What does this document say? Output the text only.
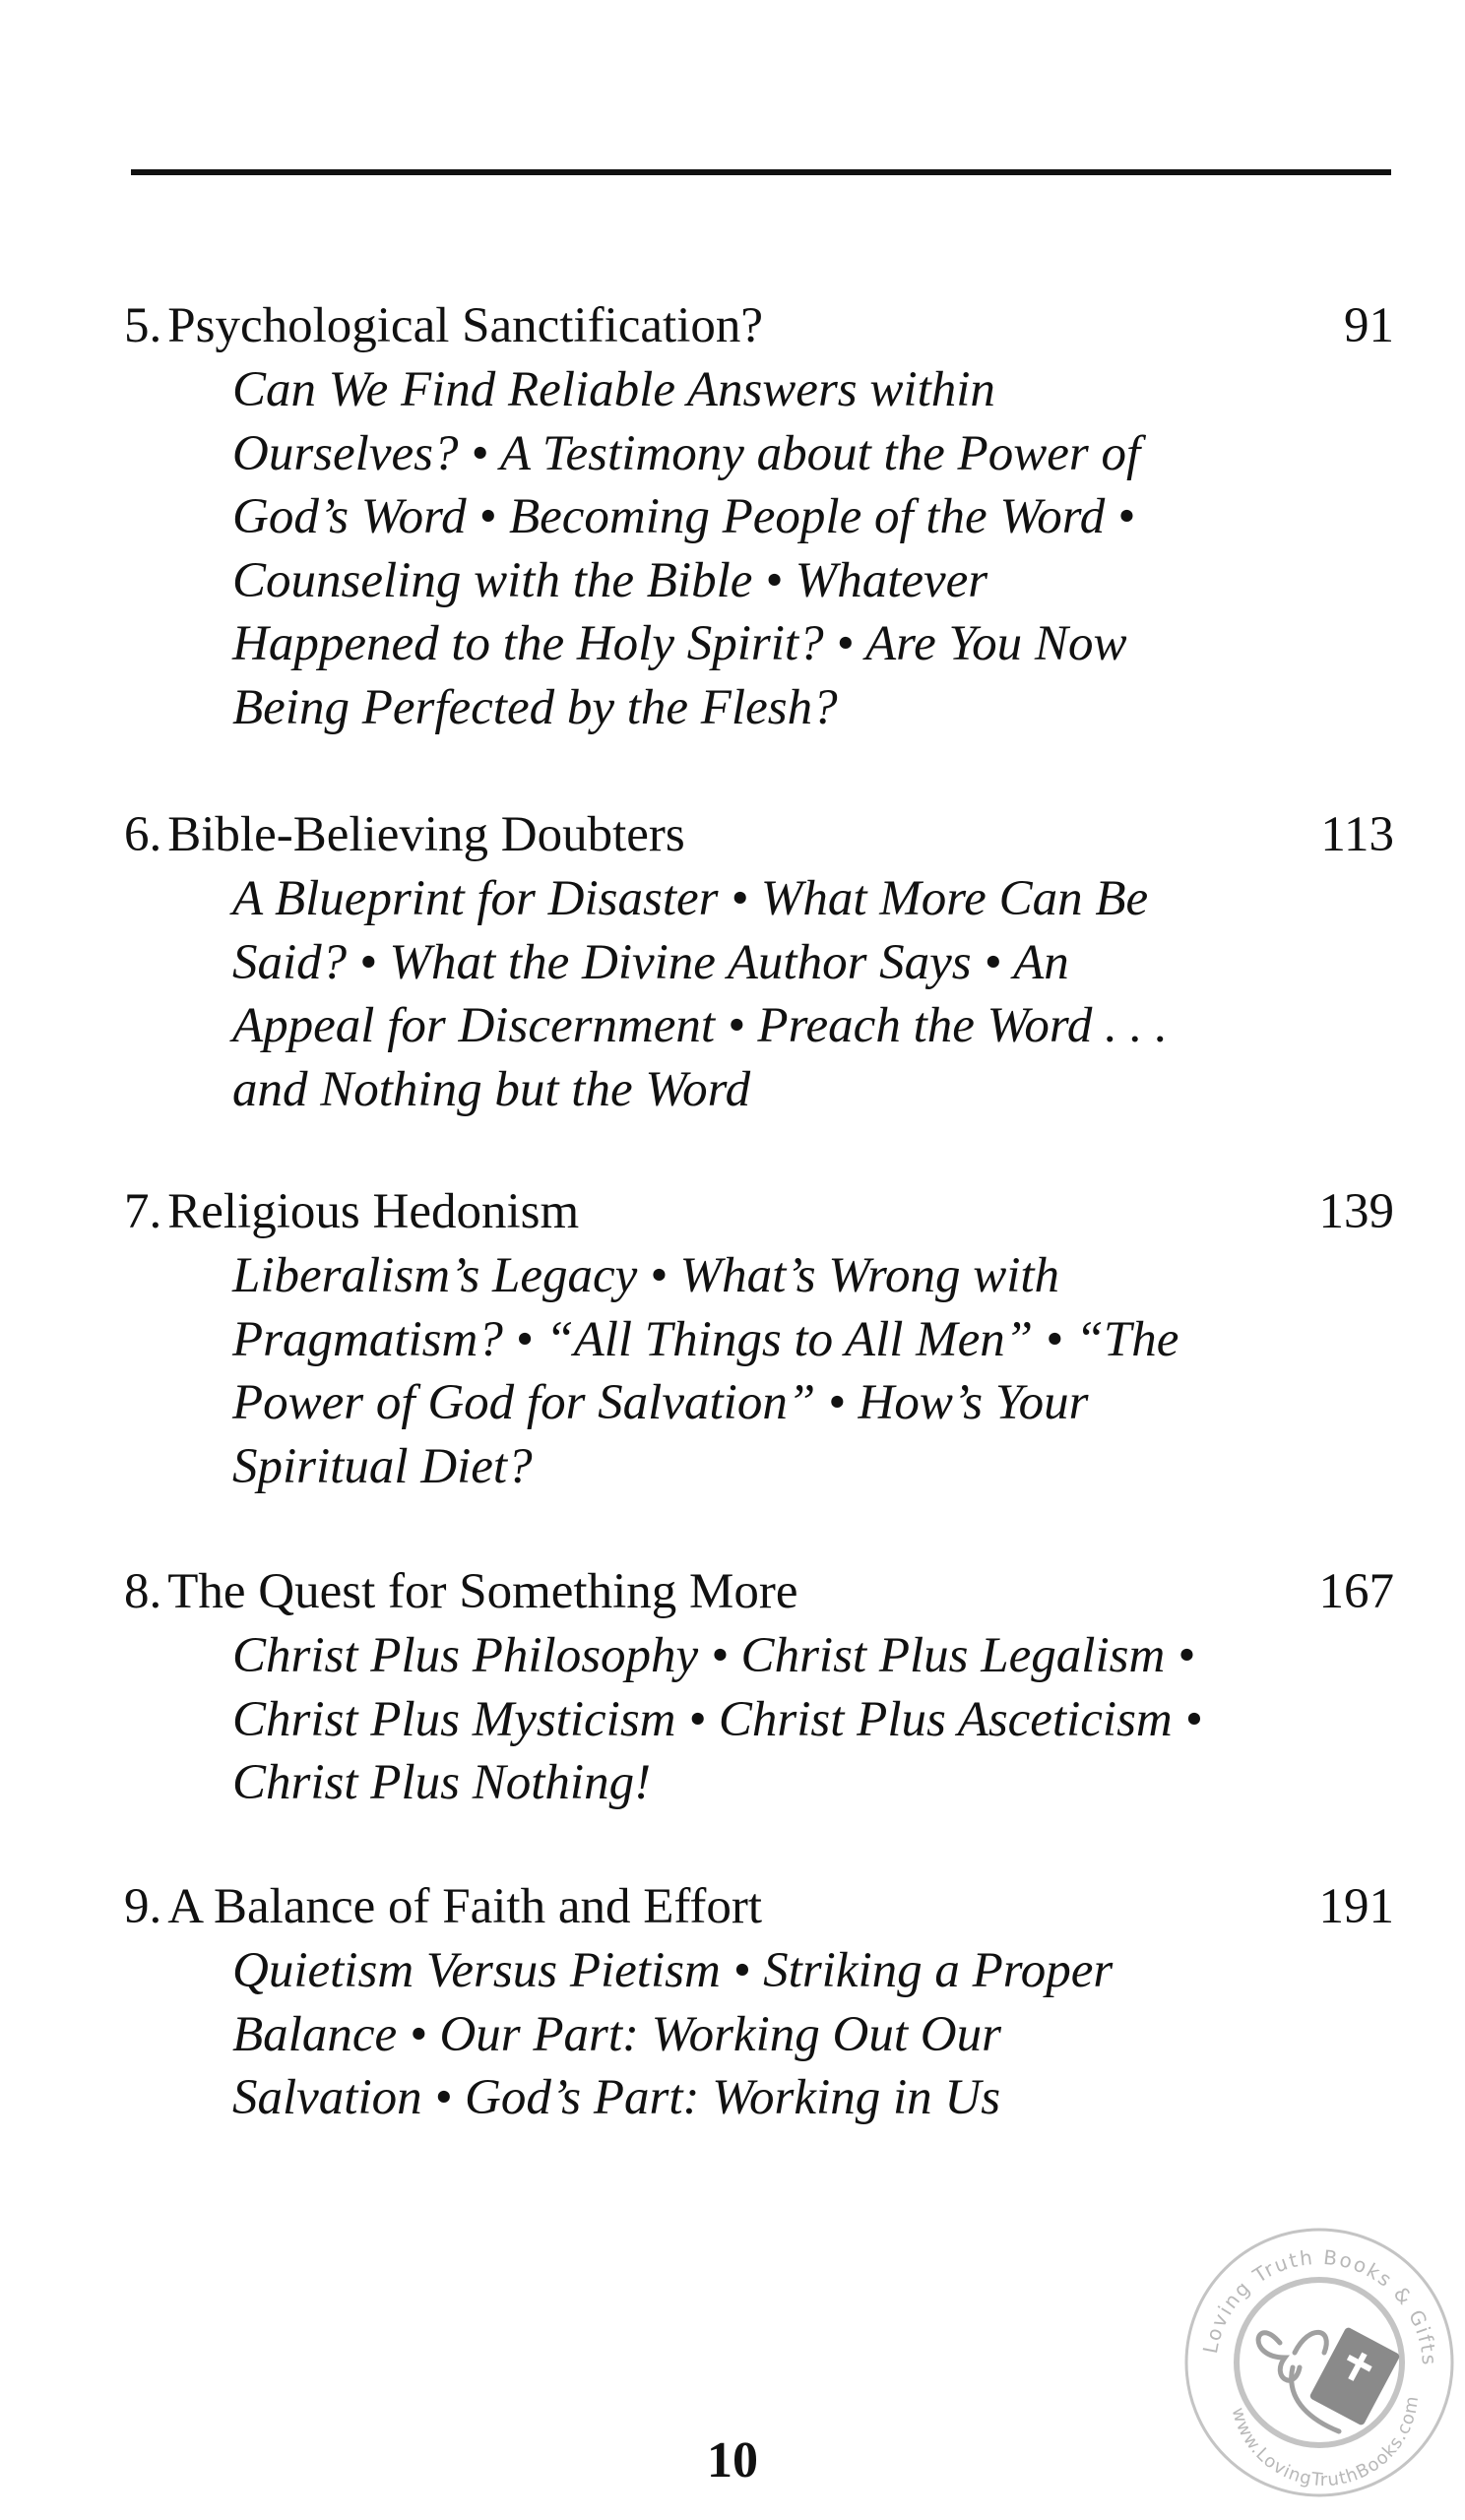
5. Psychological Sanctification?	91
Can We Find Reliable Answers within
Ourselves? • A Testimony about the Power of
God’s Word • Becoming People of the Word •
Counseling with the Bible • Whatever
Happened to the Holy Spirit? • Are You Now
Being Perfected by the Flesh?
6. Bible-Believing Doubters	113
A Blueprint for Disaster • What More Can Be
Said? • What the Divine Author Says • An
Appeal for Discernment • Preach the Word . . .
and Nothing but the Word
7. Religious Hedonism	139
Liberalism’s Legacy • What’s Wrong with
Pragmatism? • “All Things to All Men” • “The
Power of God for Salvation” • How’s Your
Spiritual Diet?
8. The Quest for Something More	167
Christ Plus Philosophy • Christ Plus Legalism •
Christ Plus Mysticism • Christ Plus Asceticism •
Christ Plus Nothing!
9. A Balance of Faith and Effort	191
Quietism Versus Pietism • Striking a Proper
Balance • Our Part: Working Out Our
Salvation • God’s Part: Working in Us
10
Loving Truth Books & Gifts
www.LovingTruthBooks.com
